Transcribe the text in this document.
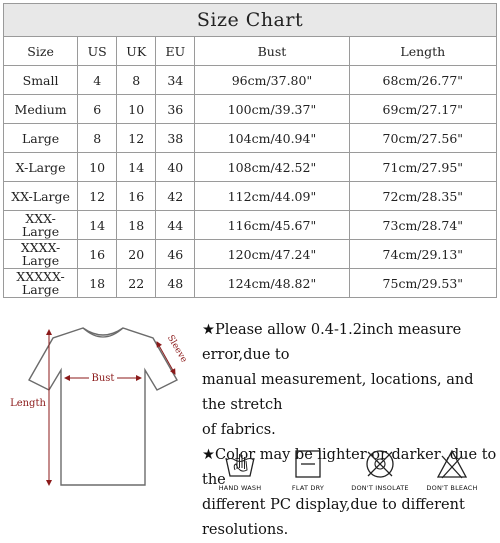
Size Chart					
Size	US	UK	EU	Bust	Length
Small	4	8	34	96cm/37.80"	68cm/26.77"
Medium	6	10	36	100cm/39.37"	69cm/27.17"
Large	8	12	38	104cm/40.94"	70cm/27.56"
X-Large	10	14	40	108cm/42.52"	71cm/27.95"
XX-Large	12	16	42	112cm/44.09"	72cm/28.35"
XXX-
Large	14	18	44	116cm/45.67"	73cm/28.74"
XXXX-
Large	16	20	46	120cm/47.24"	74cm/29.13"
XXXXX-
Large	18	22	48	124cm/48.82"	75cm/29.53"
Bust
Sleeve
Length

★Please allow 0.4-1.2inch measure error,due to

manual measurement, locations, and the stretch

of fabrics.

★Color may be lighter or darker ,due to the

different PC display,due to different resolutions.

HAND WASH	FLAT DRY	DON'T INSOLATE	DON'T BLEACH
